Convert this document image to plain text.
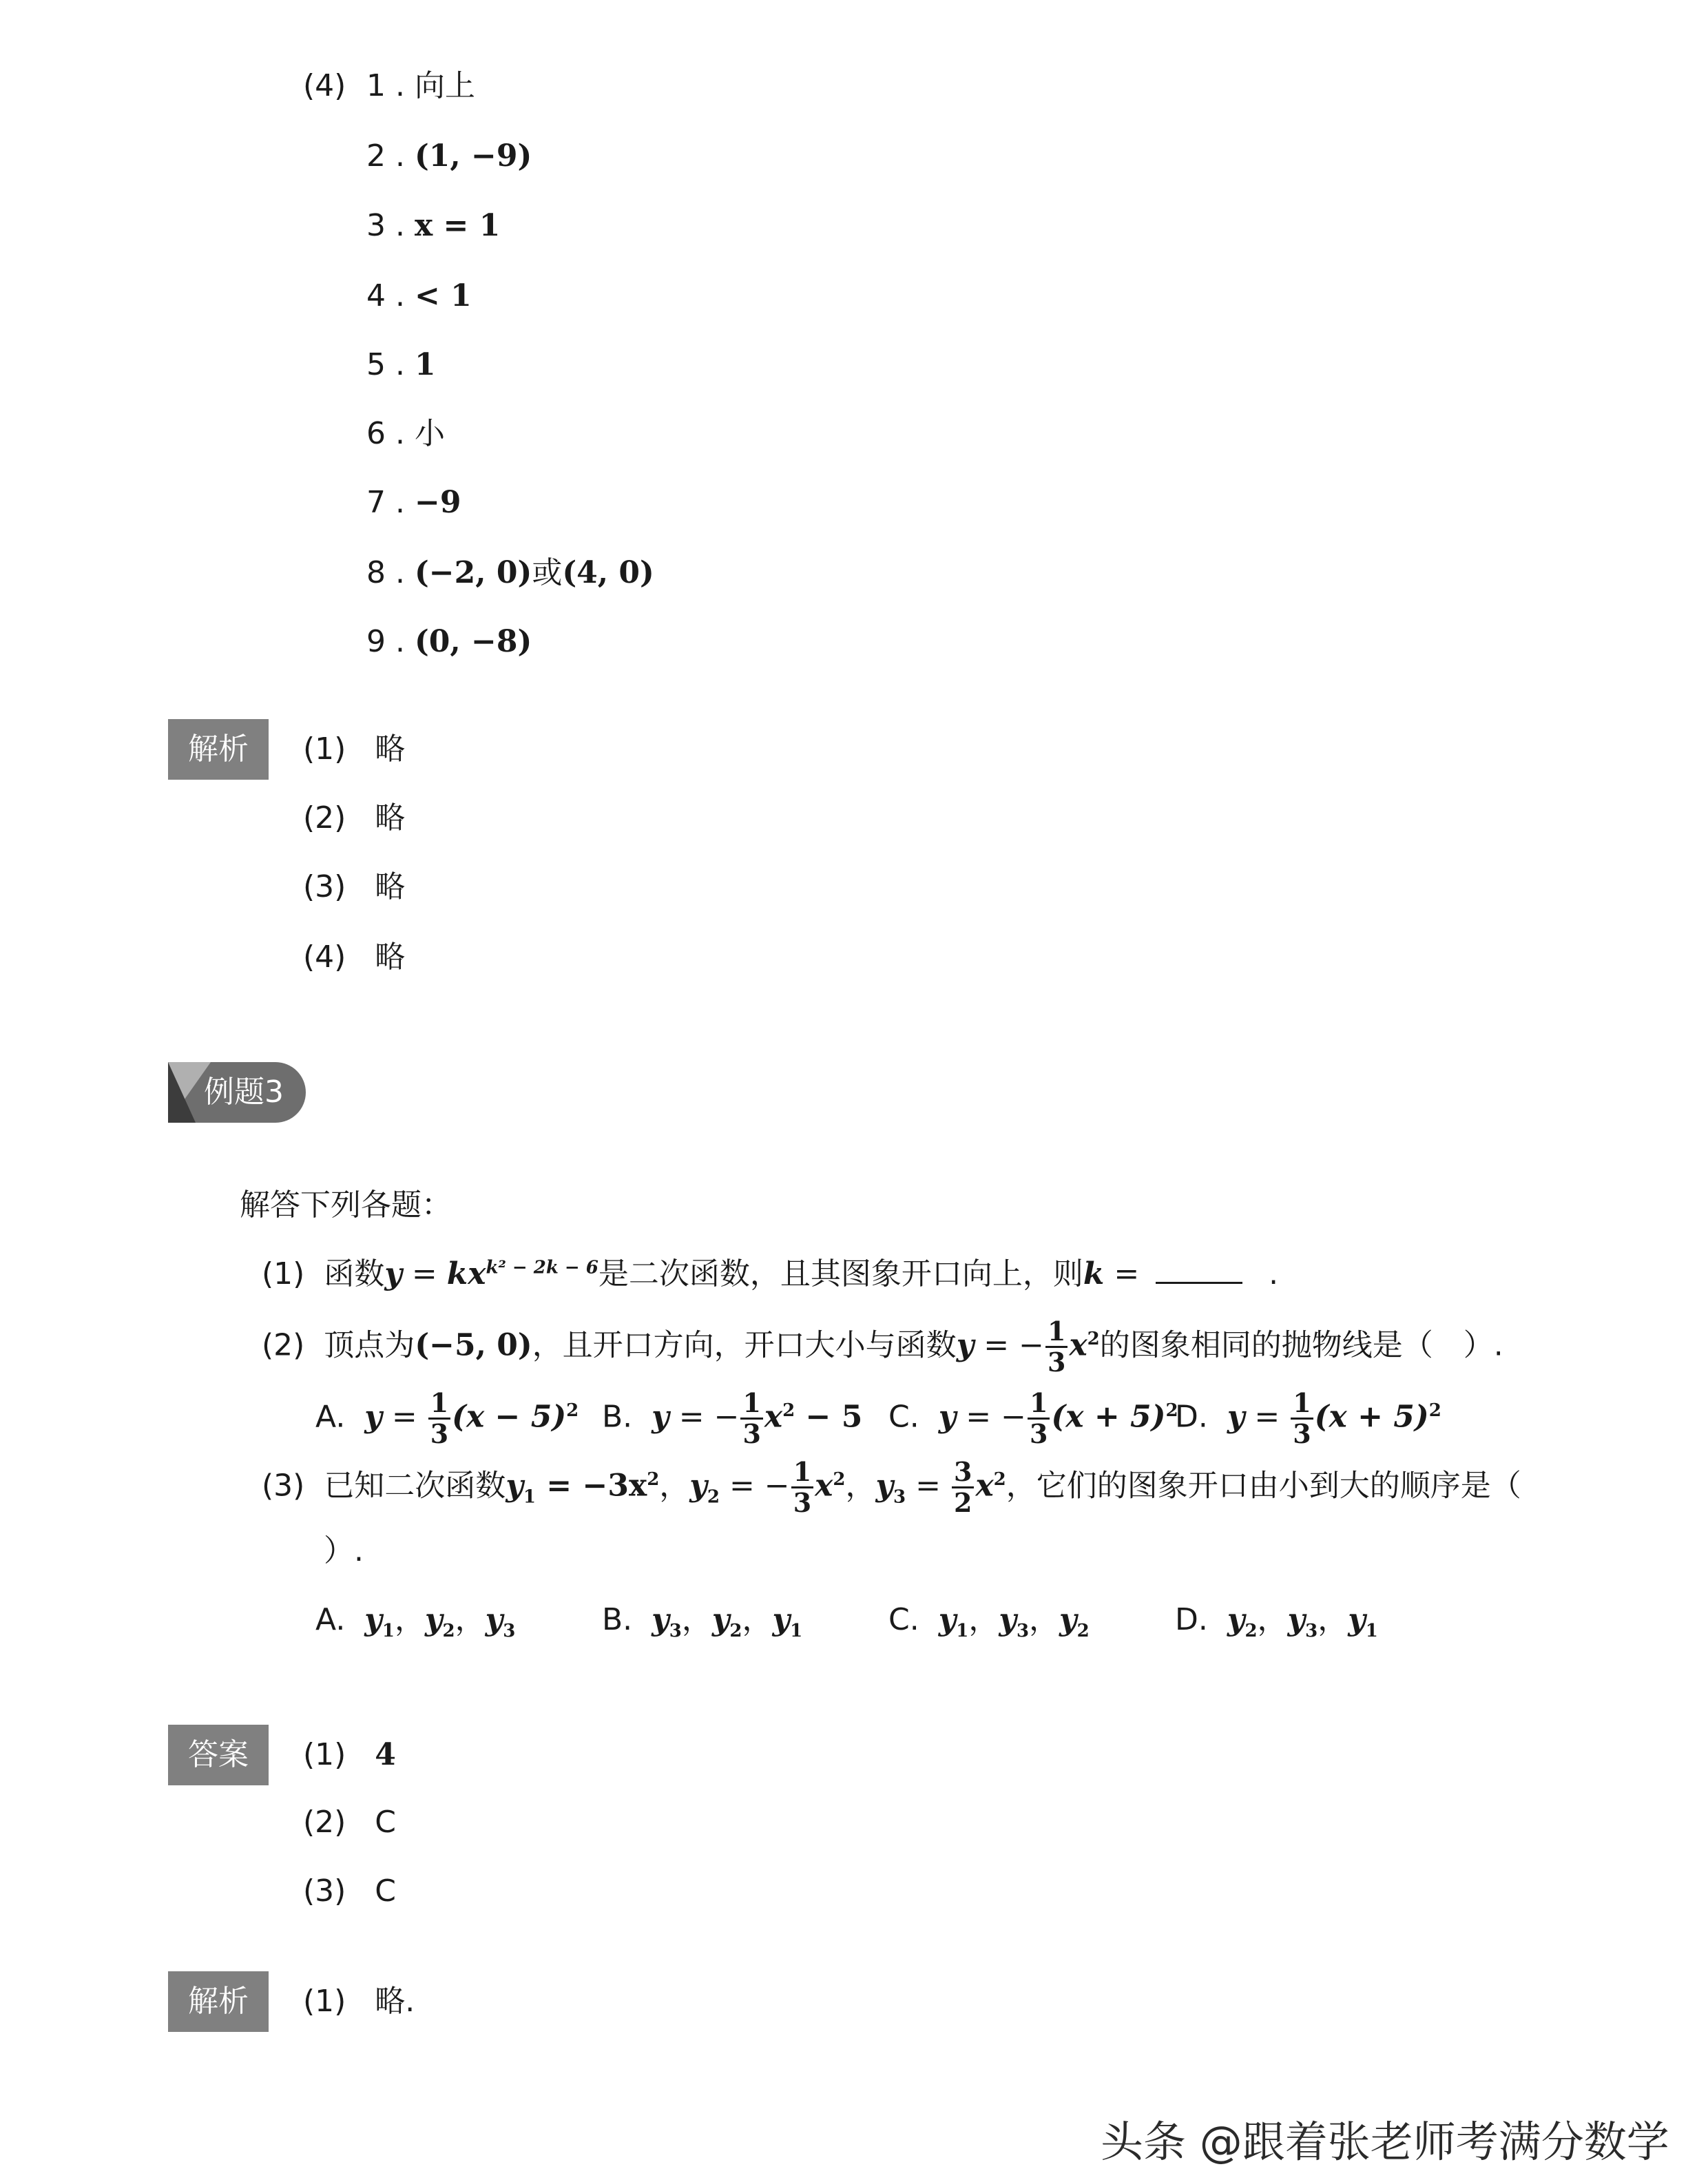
(4) 1 . 向上
2 . (1, −9)
3 . x = 1
4 . < 1
5 . 1
6 . 小
7 . −9
8 . (−2, 0)或(4, 0)
9 . (0, −8)
解析	(1) 略
(2) 略
(3) 略
(4) 略
例题3
解答下列各题：
(1) 函数$y = kx^{k^2 - 2k - 6}$是二次函数，且其图象开口向上，则k =	.
(2) 顶点为(−5, 0)，且开口方向，开口大小与函数y = − $\frac{1}{3} x^2$的图象相同的抛物线是（　）.
A. $y = \frac{1}{3} (x - 5)^2$ B. y = − $\frac{1}{3} x^2 - 5$ C. y = − $\frac{1}{3} (x + 5)^2$
D. $y = \frac{1}{3} (x + 5)^2$
(3) 已知二次函数$y_1 = -3x^2$，$y_2$ = − $\frac{1}{3} x^2$，$y_3 = \frac{3}{2} x^2$，它们的图象开口由小到大的顺序是（
）.
A. $y_1$，$y_2$，$y_3$	B. $y_3$，$y_2$，$y_1$	C. $y_1$，$y_3$，$y_2$	D. $y_2$，$y_3$，$y_1$
答案	(1) 4
(2) C
(3) C
解析	(1) 略.
头条 @跟着张老师考满分数学
